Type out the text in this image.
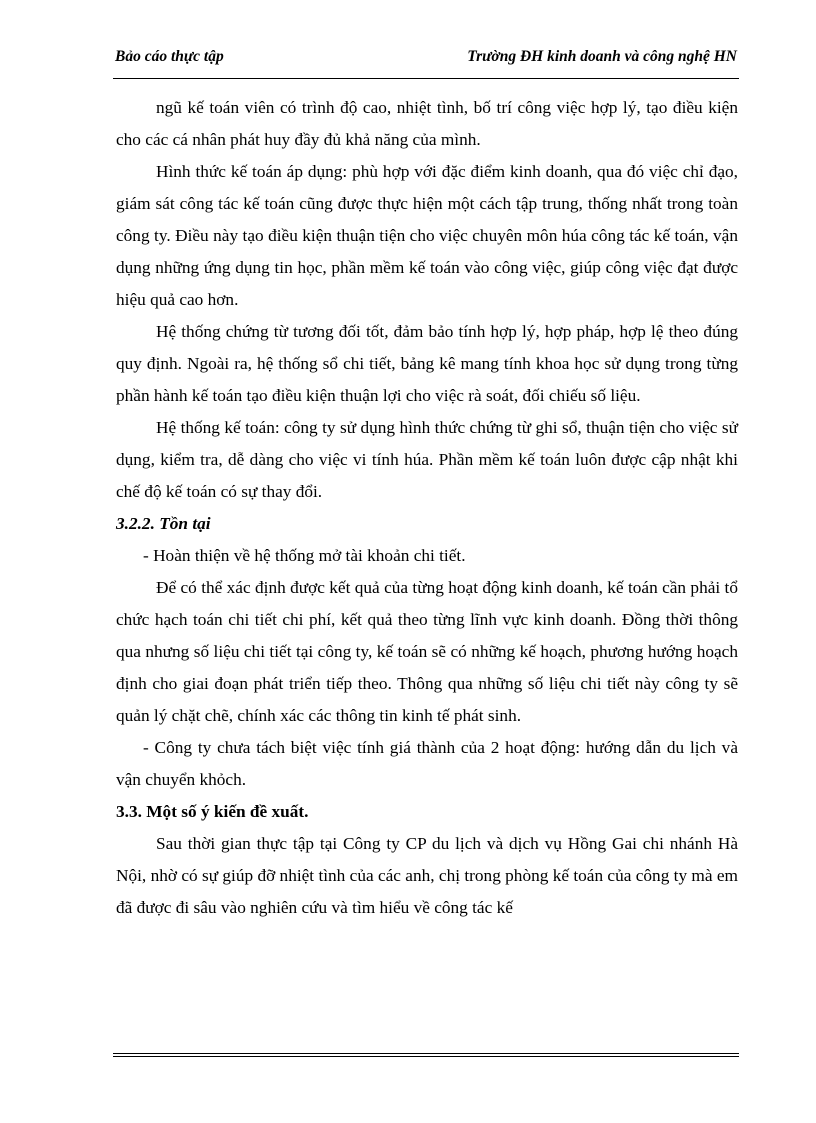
Bảo cáo thực tập	Trường ĐH kinh doanh và công nghệ HN

ngũ kế toán viên có trình độ cao, nhiệt tình, bố trí công việc hợp lý, tạo điều kiện cho các cá nhân phát huy đầy đủ khả năng của mình.

Hình thức kế toán áp dụng: phù hợp với đặc điểm kinh doanh, qua đó việc chỉ đạo, giám sát công tác kế toán cũng được thực hiện một cách tập trung, thống nhất trong toàn công ty. Điều này tạo điều kiện thuận tiện cho việc chuyên môn húa công tác kế toán, vận dụng những ứng dụng tin học, phần mềm kế toán vào công việc, giúp công việc đạt được hiệu quả cao hơn.

Hệ thống chứng từ tương đối tốt, đảm bảo tính hợp lý, hợp pháp, hợp lệ theo đúng quy định. Ngoài ra, hệ thống sổ chi tiết, bảng kê mang tính khoa học sử dụng trong từng phần hành kế toán tạo điều kiện thuận lợi cho việc rà soát, đối chiếu số liệu.

Hệ thống kế toán: công ty sử dụng hình thức chứng từ ghi sổ, thuận tiện cho việc sử dụng, kiểm tra, dễ dàng cho việc vi tính húa. Phần mềm kế toán luôn được cập nhật khi chế độ kế toán có sự thay đổi.

3.2.2. Tồn tại

- Hoàn thiện về hệ thống mở tài khoản chi tiết.

Để có thể xác định được kết quả của từng hoạt động kinh doanh, kế toán cần phải tổ chức hạch toán chi tiết chi phí, kết quả theo từng lĩnh vực kinh doanh. Đồng thời thông qua nhưng số liệu chi tiết tại công ty, kế toán sẽ có những kế hoạch, phương hướng hoạch định cho giai đoạn phát triển tiếp theo. Thông qua những số liệu chi tiết này công ty sẽ quản lý chặt chẽ, chính xác các thông tin kinh tế phát sinh.

- Công ty chưa tách biệt việc tính giá thành của 2 hoạt động: hướng dẫn du lịch và vận chuyển khỏch.

3.3. Một số ý kiến đề xuất.

Sau thời gian thực tập tại Công ty CP du lịch và dịch vụ Hồng Gai chi nhánh Hà Nội, nhờ có sự giúp đỡ nhiệt tình của các anh, chị trong phòng kế toán của công ty mà em đã được đi sâu vào nghiên cứu và tìm hiểu về công tác kế
